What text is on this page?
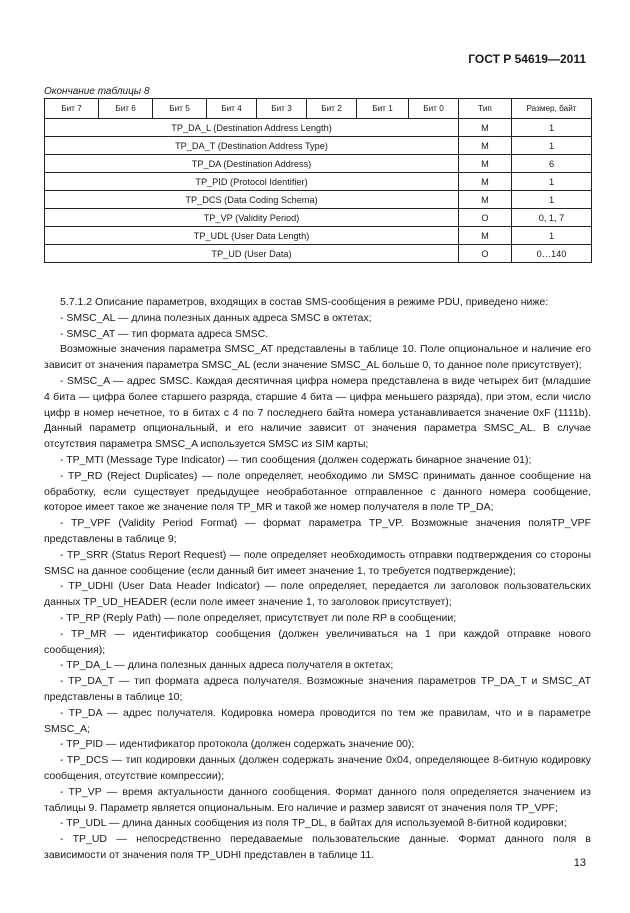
ГОСТ Р 54619—2011
Окончание таблицы 8
Бит 7	Бит 6	Бит 5	Бит 4	Бит 3	Бит 2	Бит 1	Бит 0	Тип	Размер, байт
TP_DA_L (Destination Address Length)								M	1
TP_DA_T (Destination Address Type)								M	1
TP_DA (Destination Address)								M	6
TP_PID (Protocol Identifier)								M	1
TP_DCS (Data Coding Schema)								M	1
TP_VP (Validity Period)								O	0, 1, 7
TP_UDL (User Data Length)								M	1
TP_UD (User Data)								O	0…140

5.7.1.2 Описание параметров, входящих в состав SMS-сообщения в режиме PDU, приведено ниже:

- SMSC_AL — длина полезных данных адреса SMSC в октетах;

- SMSC_AT — тип формата адреса SMSC.

Возможные значения параметра SMSC_AT представлены в таблице 10. Поле опциональное и наличие его зависит от значения параметра SMSC_AL (если значение SMSC_AL больше 0, то данное поле присутствует);

- SMSC_A — адрес SMSC. Каждая десятичная цифра номера представлена в виде четырех бит (младшие 4 бита — цифра более старшего разряда, старшие 4 бита — цифра меньшего разряда), при этом, если число цифр в номер нечетное, то в битах с 4 по 7 последнего байта номера устанавливается значение 0xF (1111b). Данный параметр опциональный, и его наличие зависит от значения параметра SMSC_AL. В случае отсутствия параметра SMSC_A используется SMSC из SIM карты;

- TP_MTI (Message Type Indicator) — тип сообщения (должен содержать бинарное значение 01);

- TP_RD (Reject Duplicates) — поле определяет, необходимо ли SMSC принимать данное сообщение на обработку, если существует предыдущее необработанное отправленное с данного номера сообщение, которое имеет такое же значение поля TP_MR и такой же номер получателя в поле TP_DA;

- TP_VPF (Validity Period Format) — формат параметра TP_VP. Возможные значения поляTP_VPF представлены в таблице 9;

- TP_SRR (Status Report Request) — поле определяет необходимость отправки подтверждения со стороны SMSC на данное сообщение (если данный бит имеет значение 1, то требуется подтверждение);

- TP_UDHI (User Data Header Indicator) — поле определяет, передается ли заголовок пользовательских данных TP_UD_HEADER (если поле имеет значение 1, то заголовок присутствует);

- TP_RP (Reply Path) — поле определяет, присутствует ли поле RP в сообщении;

- TP_MR — идентификатор сообщения (должен увеличиваться на 1 при каждой отправке нового сообщения);

- TP_DA_L — длина полезных данных адреса получателя в октетах;

- TP_DA_T — тип формата адреса получателя. Возможные значения параметров TP_DA_T и SMSC_AT представлены в таблице 10;

- TP_DA — адрес получателя. Кодировка номера проводится по тем же правилам, что и в параметре SMSC_A;

- TP_PID — идентификатор протокола (должен содержать значение 00);

- TP_DCS — тип кодировки данных (должен содержать значение 0x04, определяющее 8-битную кодировку сообщения, отсутствие компрессии);

- TP_VP — время актуальности данного сообщения. Формат данного поля определяется значением из таблицы 9. Параметр является опциональным. Его наличие и размер зависят от значения поля TP_VPF;

- TP_UDL — длина данных сообщения из поля TP_DL, в байтах для используемой 8-битной кодировки;

- TP_UD — непосредственно передаваемые пользовательские данные. Формат данного поля в зависимости от значения поля TP_UDHI представлен в таблице 11.

13
